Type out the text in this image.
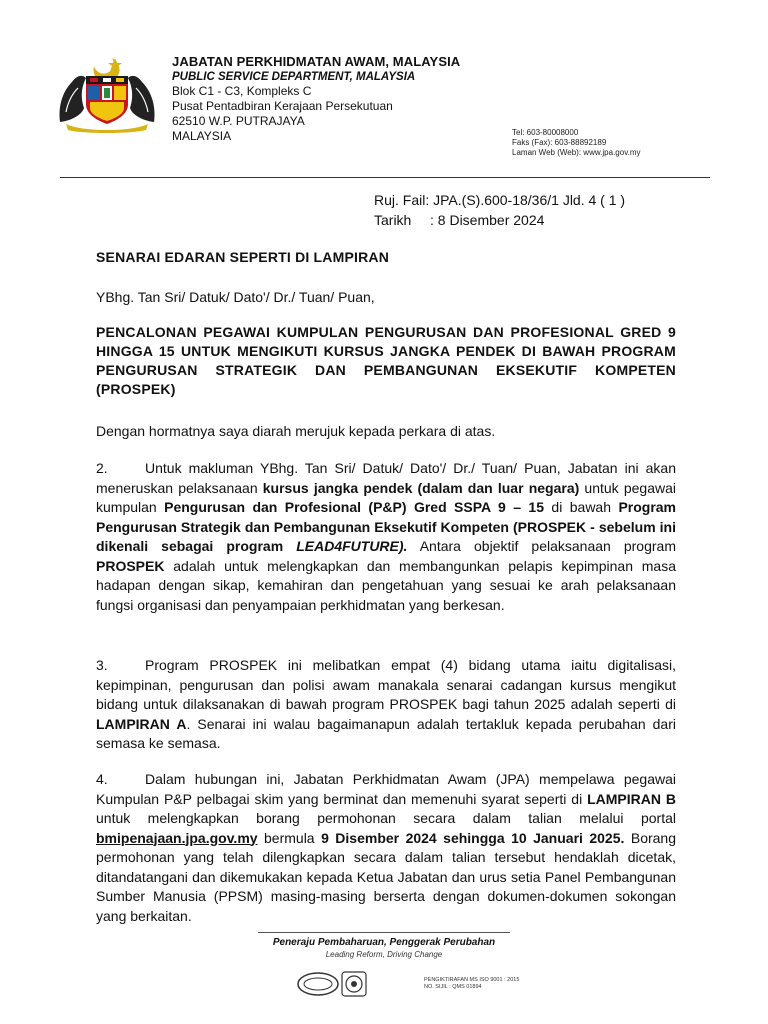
JABATAN PERKHIDMATAN AWAM, MALAYSIA
PUBLIC SERVICE DEPARTMENT, MALAYSIA
Blok C1 - C3, Kompleks C
Pusat Pentadbiran Kerajaan Persekutuan
62510 W.P. PUTRAJAYA
MALAYSIA	Tel: 603-80008000
Faks (Fax): 603-88892189
Laman Web (Web): www.jpa.gov.my
Ruj. Fail: JPA.(S).600-18/36/1 Jld. 4 ( 1 )
Tarikh : 8 Disember 2024
SENARAI EDARAN SEPERTI DI LAMPIRAN
YBhg. Tan Sri/ Datuk/ Dato'/ Dr./ Tuan/ Puan,
PENCALONAN PEGAWAI KUMPULAN PENGURUSAN DAN PROFESIONAL GRED 9 HINGGA 15 UNTUK MENGIKUTI KURSUS JANGKA PENDEK DI BAWAH PROGRAM PENGURUSAN STRATEGIK DAN PEMBANGUNAN EKSEKUTIF KOMPETEN (PROSPEK)
Dengan hormatnya saya diarah merujuk kepada perkara di atas.
2.	Untuk makluman YBhg. Tan Sri/ Datuk/ Dato'/ Dr./ Tuan/ Puan, Jabatan ini akan meneruskan pelaksanaan kursus jangka pendek (dalam dan luar negara) untuk pegawai kumpulan Pengurusan dan Profesional (P&P) Gred SSPA 9 – 15 di bawah Program Pengurusan Strategik dan Pembangunan Eksekutif Kompeten (PROSPEK - sebelum ini dikenali sebagai program LEAD4FUTURE). Antara objektif pelaksanaan program PROSPEK adalah untuk melengkapkan dan membangunkan pelapis kepimpinan masa hadapan dengan sikap, kemahiran dan pengetahuan yang sesuai ke arah pelaksanaan fungsi organisasi dan penyampaian perkhidmatan yang berkesan.
3.	Program PROSPEK ini melibatkan empat (4) bidang utama iaitu digitalisasi, kepimpinan, pengurusan dan polisi awam manakala senarai cadangan kursus mengikut bidang untuk dilaksanakan di bawah program PROSPEK bagi tahun 2025 adalah seperti di LAMPIRAN A. Senarai ini walau bagaimanapun adalah tertakluk kepada perubahan dari semasa ke semasa.
4.	Dalam hubungan ini, Jabatan Perkhidmatan Awam (JPA) mempelawa pegawai Kumpulan P&P pelbagai skim yang berminat dan memenuhi syarat seperti di LAMPIRAN B untuk melengkapkan borang permohonan secara dalam talian melalui portal bmipenajaan.jpa.gov.my bermula 9 Disember 2024 sehingga 10 Januari 2025. Borang permohonan yang telah dilengkapkan secara dalam talian tersebut hendaklah dicetak, ditandatangani dan dikemukakan kepada Ketua Jabatan dan urus setia Panel Pembangunan Sumber Manusia (PPSM) masing-masing berserta dengan dokumen-dokumen sokongan yang berkaitan.
Peneraju Pembaharuan, Penggerak Perubahan
Leading Reform, Driving Change
PENGIKTIRAFAN MS ISO 9001 : 2015
NO. SIJIL : QMS 01894
